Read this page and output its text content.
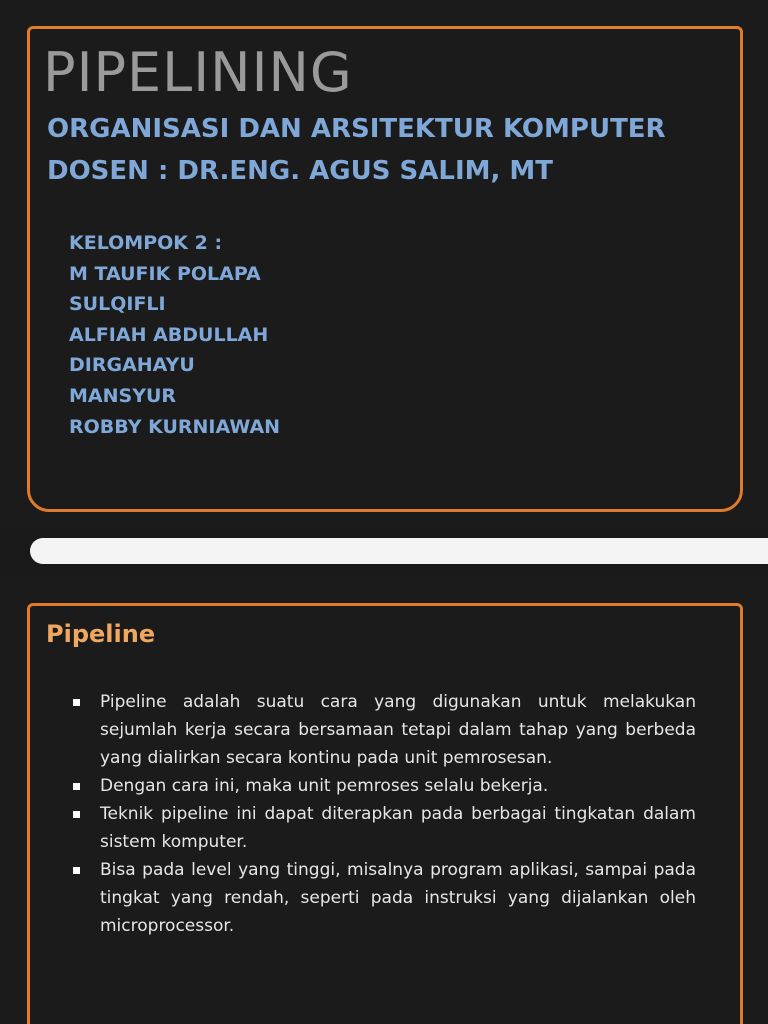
PIPELINING

ORGANISASI DAN ARSITEKTUR KOMPUTER

DOSEN : DR.ENG. AGUS SALIM, MT

KELOMPOK 2 :
M TAUFIK POLAPA
SULQIFLI
ALFIAH ABDULLAH
DIRGAHAYU
MANSYUR
ROBBY KURNIAWAN
Pipeline
Pipeline adalah suatu cara yang digunakan untuk melakukan sejumlah kerja secara bersamaan tetapi dalam tahap yang berbeda yang dialirkan secara kontinu pada unit pemrosesan.
Dengan cara ini, maka unit pemroses selalu bekerja.
Teknik pipeline ini dapat diterapkan pada berbagai tingkatan dalam sistem komputer.
Bisa pada level yang tinggi, misalnya program aplikasi, sampai pada tingkat yang rendah, seperti pada instruksi yang dijalankan oleh microprocessor.
